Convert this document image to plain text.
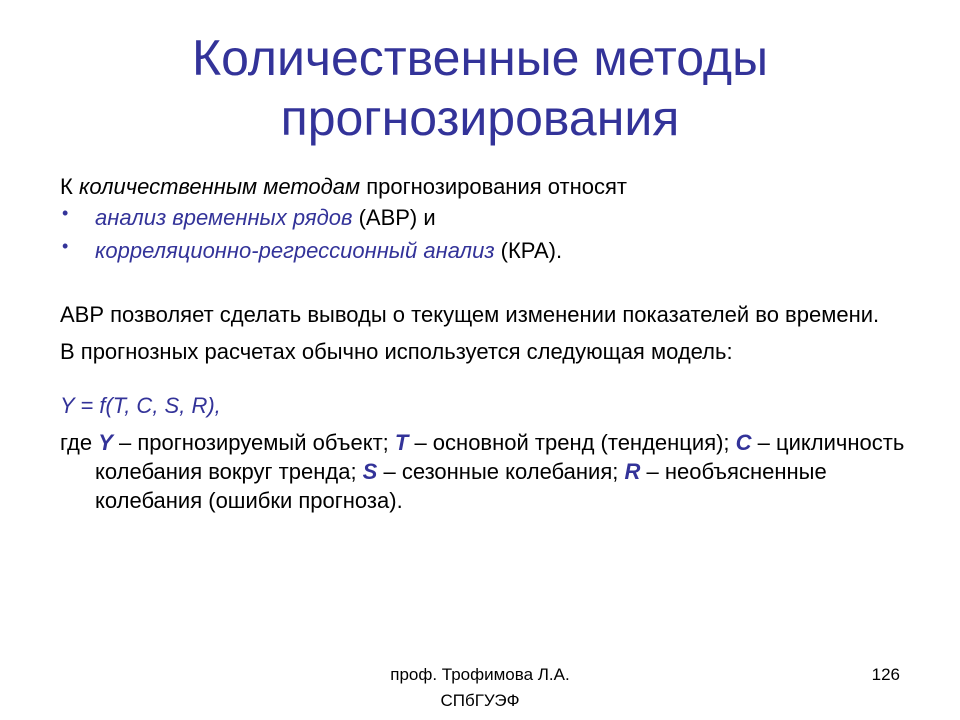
Количественные методы прогнозирования

К количественным методам прогнозирования относят

• анализ временных рядов (АВР) и

• корреляционно-регрессионный анализ (КРА).

АВР позволяет сделать выводы о текущем изменении показателей во времени.

В прогнозных расчетах обычно используется следующая модель:

Y = f(T, C, S, R),

где Y – прогнозируемый объект; T – основной тренд (тенденция); C – цикличность колебания вокруг тренда; S – сезонные колебания; R – необъясненные колебания (ошибки прогноза).

проф. Трофимова Л.А.
СПбГУЭФ
126
